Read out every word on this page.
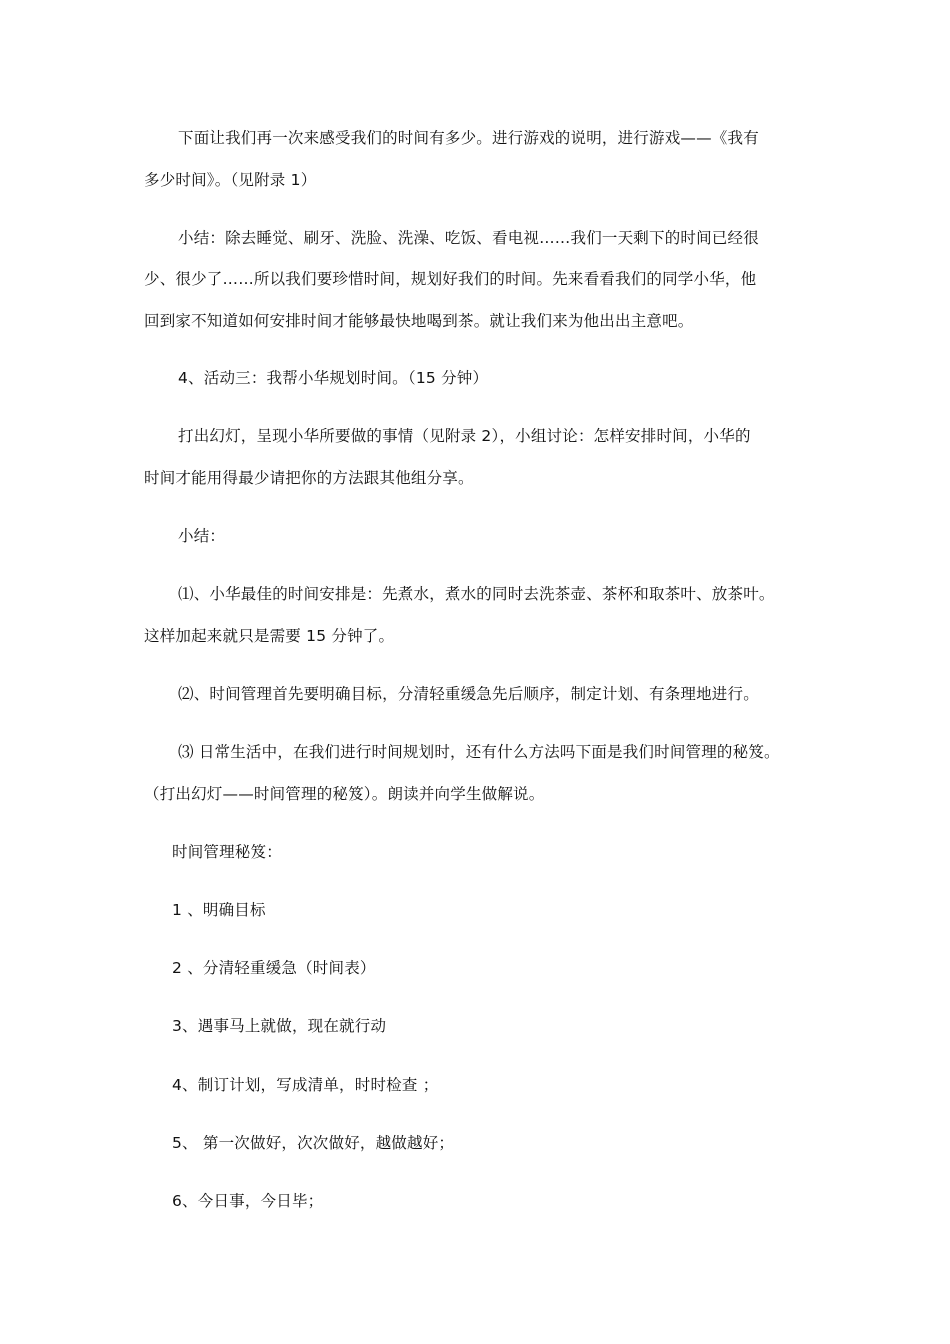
下面让我们再一次来感受我们的时间有多少。进行游戏的说明，进行游戏——《我有
多少时间》。（见附录 1）
小结：除去睡觉、刷牙、洗脸、洗澡、吃饭、看电视……我们一天剩下的时间已经很
少、很少了……所以我们要珍惜时间，规划好我们的时间。先来看看我们的同学小华，他
回到家不知道如何安排时间才能够最快地喝到茶。就让我们来为他出出主意吧。
4、活动三：我帮小华规划时间。（15 分钟）
打出幻灯，呈现小华所要做的事情（见附录 2），小组讨论：怎样安排时间，小华的
时间才能用得最少请把你的方法跟其他组分享。
小结：
⑴、小华最佳的时间安排是：先煮水，煮水的同时去洗茶壶、茶杯和取茶叶、放茶叶。
这样加起来就只是需要 15 分钟了。
⑵、时间管理首先要明确目标，分清轻重缓急先后顺序，制定计划、有条理地进行。
⑶ 日常生活中，在我们进行时间规划时，还有什么方法吗下面是我们时间管理的秘笈。
（打出幻灯——时间管理的秘笈）。朗读并向学生做解说。
时间管理秘笈：
1 、明确目标
2 、分清轻重缓急（时间表）
3、遇事马上就做，现在就行动
4、制订计划，写成清单，时时检查 ；
5、 第一次做好，次次做好，越做越好；
6、今日事，今日毕；
